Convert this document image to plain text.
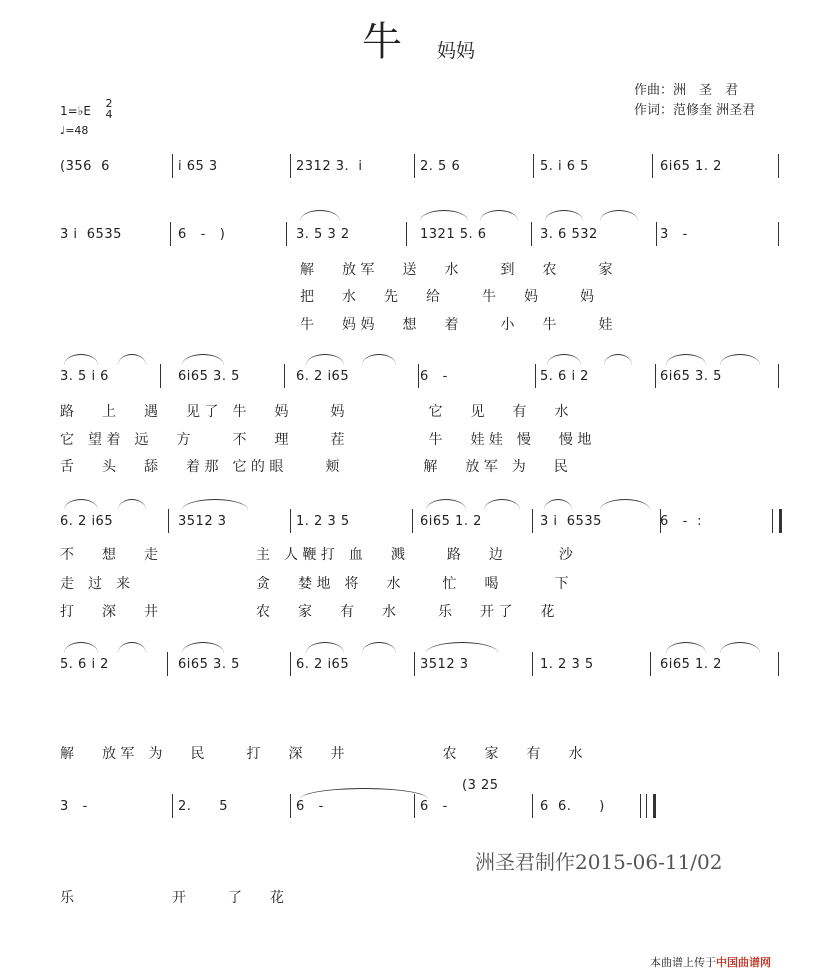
牛 妈妈
作曲：洲　圣　君
作词：范修奎 洲圣君
1=♭E
2
4
♩=48
(356  6	i 65 3	2312 3.  i	2. 5 6	5. i 6 5	6i65 1. 2
3 i  6535	6   -   )	3. 5 3 2	1321 5. 6	3. 6 532	3   -
解　　放 军　　送　　水　　　到　　农　　　家
把　　水　　先　　给　　　牛　　妈　　　妈
牛　　妈 妈　　想　　着　　　小　　牛　　　娃
3. 5 i 6	6i65 3. 5	6. 2 i65	6   -	5. 6 i 2	6i65 3. 5
路　　上　　遇　　见 了　牛　　妈　　　妈　　　　　　它　　见　　有　　水
它　望 着　远　　方　　　不　　理　　　茬　　　　　　牛　　娃 娃　慢　　慢 地
舌　　头　　舔　　着 那　它 的 眼　　　颊　　　　　　解　　放 军　为　　民
6. 2 i65	3512 3	1. 2 3 5	6i65 1. 2	3 i  6535	6   -  :
不　　想　　走　　　　　　　主　人 鞭 打　血　　溅　　　路　　边　　　　沙
走　过　来　　　　　　　　　贪　　婪 地　将　　水　　　忙　　喝　　　　下
打　　深　　井　　　　　　　农　　家　　有　　水　　　乐　　开 了　　花
5. 6 i 2	6i65 3. 5	6. 2 i65	3512 3	1. 2 3 5	6i65 1. 2
解　　放 军　为　　民　　　打　　深　　井　　　　　　　农　　家　　有　　水
3   -	2.      5	6   -	6   -	6  6.      )
乐　　　　　　　开　　　了　　花
(3 25
洲圣君制作2015-06-11/02
本曲谱上传于中国曲谱网
